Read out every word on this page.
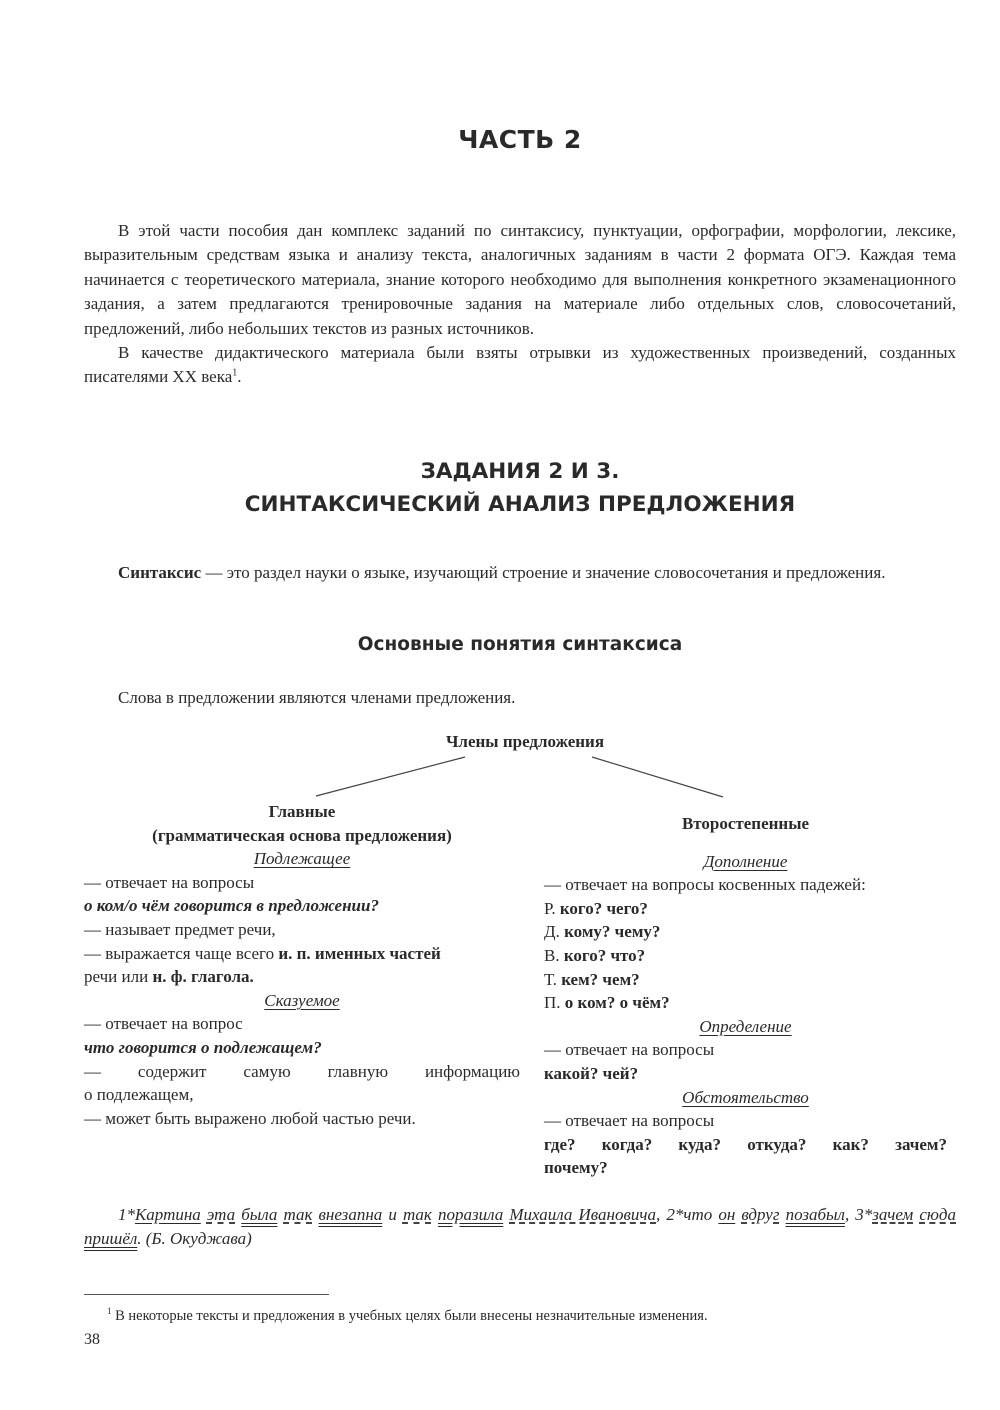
ЧАСТЬ 2

В этой части пособия дан комплекс заданий по синтаксису, пунктуации, орфографии, морфологии, лексике, выразительным средствам языка и анализу текста, аналогичных заданиям в части 2 формата ОГЭ. Каждая тема начинается с теоретического материала, знание которого необходимо для выполнения конкретного экзаменационного задания, а затем предлагаются тренировочные задания на материале либо отдельных слов, словосочетаний, предложений, либо небольших текстов из разных источников.

В качестве дидактического материала были взяты отрывки из художественных произведений, созданных писателями XX века$^1$.

ЗАДАНИЯ 2 И 3.
СИНТАКСИЧЕСКИЙ АНАЛИЗ ПРЕДЛОЖЕНИЯ
Синтаксис — это раздел науки о языке, изучающий строение и значение словосочетания и предложения.
Основные понятия синтаксиса
Слова в предложении являются членами предложения.
Члены предложения
Главные
(грамматическая основа предложения)
Подлежащее
— отвечает на вопросы
о ком/о чём говорится в предложении?
— называет предмет речи,
— выражается чаще всего и. п. именных частей
речи или н. ф. глагола.
Сказуемое
— отвечает на вопрос
что говорится о подлежащем?
— содержит самую главную информацию
о подлежащем,
— может быть выражено любой частью речи.
Второстепенные
Дополнение
— отвечает на вопросы косвенных падежей:
Р. кого? чего?
Д. кому? чему?
В. кого? что?
Т. кем? чем?
П. о ком? о чём?
Определение
— отвечает на вопросы
какой? чей?
Обстоятельство
— отвечает на вопросы
где? когда? куда? откуда? как? зачем?
почему?
1*Картина эта была так внезапна и так поразила Михаила Ивановича, 2*что он вдруг позабыл, 3*зачем сюда пришёл. (Б. Окуджава)
$^1$ В некоторые тексты и предложения в учебных целях были внесены незначительные изменения.
38
